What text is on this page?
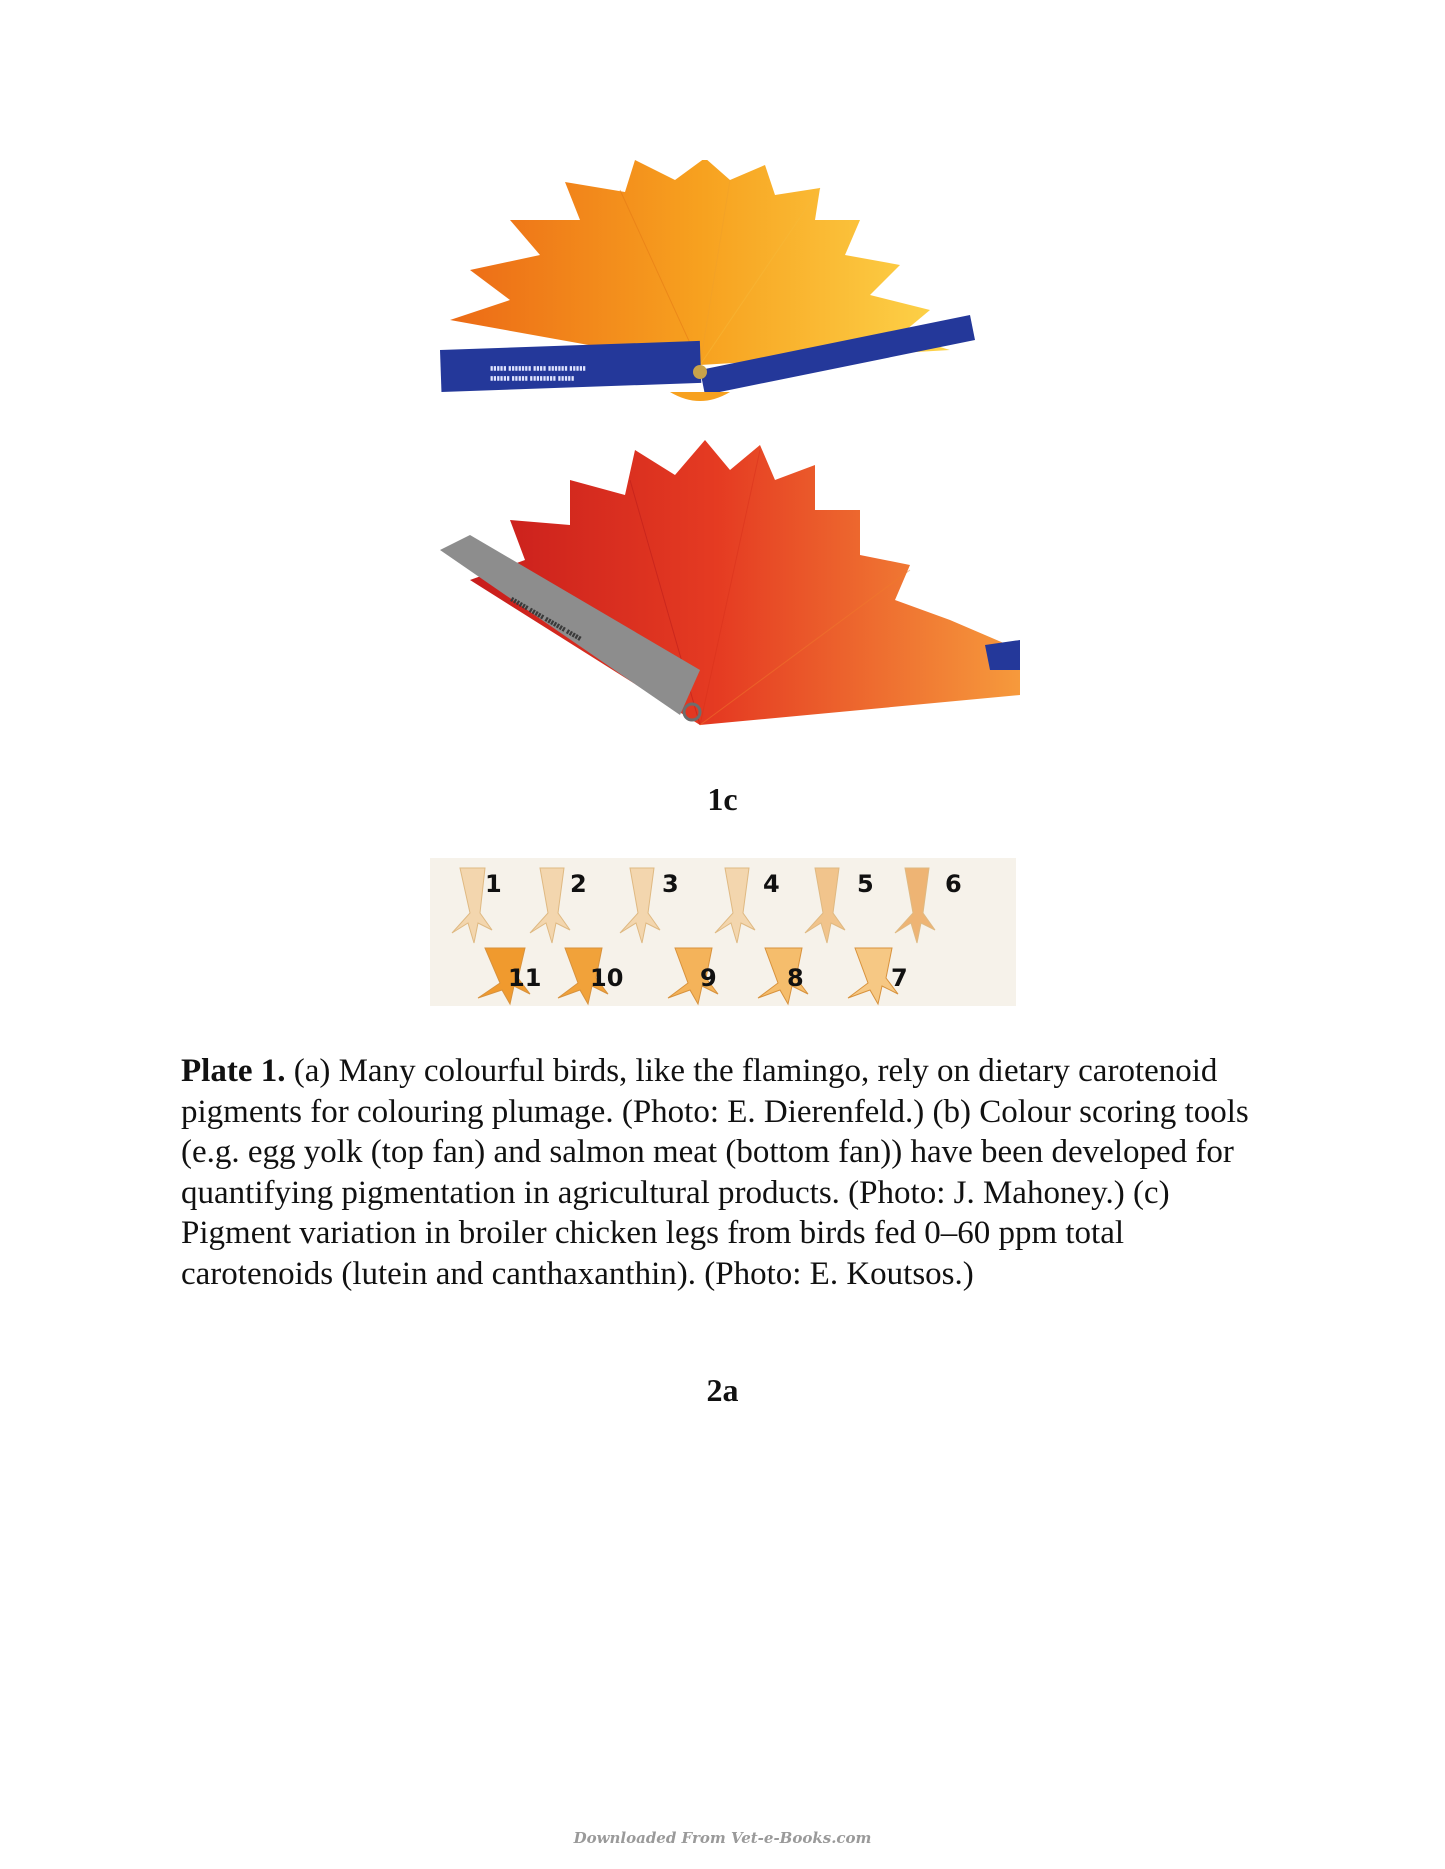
▮▮▮▮▮ ▮▮▮▮▮▮▮ ▮▮▮▮ ▮▮▮▮▮▮ ▮▮▮▮▮
▮▮▮▮▮▮ ▮▮▮▮▮ ▮▮▮▮▮▮▮▮ ▮▮▮▮▮
▮▮▮▮▮▮ ▮▮▮▮▮ ▮▮▮▮▮▮▮ ▮▮▮▮▮
1c
1	2	3	4	5	6
11 10	9	8	7

Plate 1. (a) Many colourful birds, like the flamingo, rely on dietary carotenoid pigments for colouring plumage. (Photo: E. Dierenfeld.) (b) Colour scoring tools (e.g. egg yolk (top fan) and salmon meat (bottom fan)) have been developed for quantifying pigmentation in agricultural products. (Photo: J. Mahoney.) (c) Pigment variation in broiler chicken legs from birds fed 0–60 ppm total carotenoids (lutein and canthaxanthin). (Photo: E. Koutsos.)

2a
Downloaded From Vet-e-Books.com
